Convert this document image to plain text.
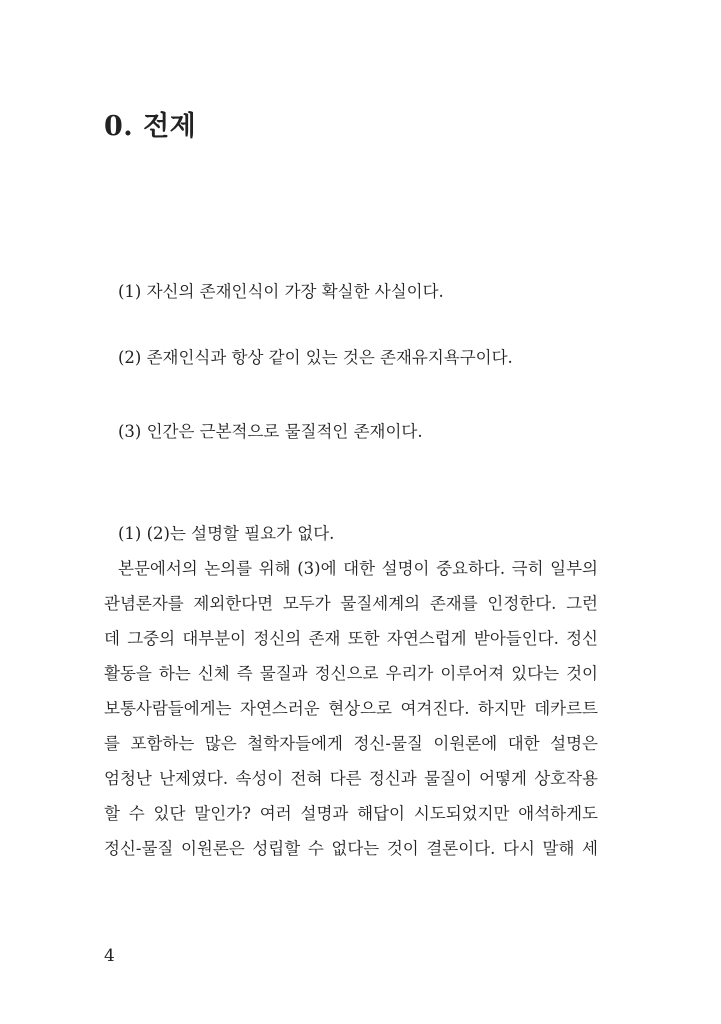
0. 전제

(1) 자신의 존재인식이 가장 확실한 사실이다.

(2) 존재인식과 항상 같이 있는 것은 존재유지욕구이다.

(3) 인간은 근본적으로 물질적인 존재이다.

(1) (2)는 설명할 필요가 없다.
본문에서의 논의를 위해 (3)에 대한 설명이 중요하다. 극히 일부의
관념론자를 제외한다면 모두가 물질세계의 존재를 인정한다. 그런
데 그중의 대부분이 정신의 존재 또한 자연스럽게 받아들인다. 정신
활동을 하는 신체 즉 물질과 정신으로 우리가 이루어져 있다는 것이
보통사람들에게는 자연스러운 현상으로 여겨진다. 하지만 데카르트
를 포함하는 많은 철학자들에게 정신-물질 이원론에 대한 설명은
엄청난 난제였다. 속성이 전혀 다른 정신과 물질이 어떻게 상호작용
할 수 있단 말인가? 여러 설명과 해답이 시도되었지만 애석하게도
정신-물질 이원론은 성립할 수 없다는 것이 결론이다. 다시 말해 세

4
